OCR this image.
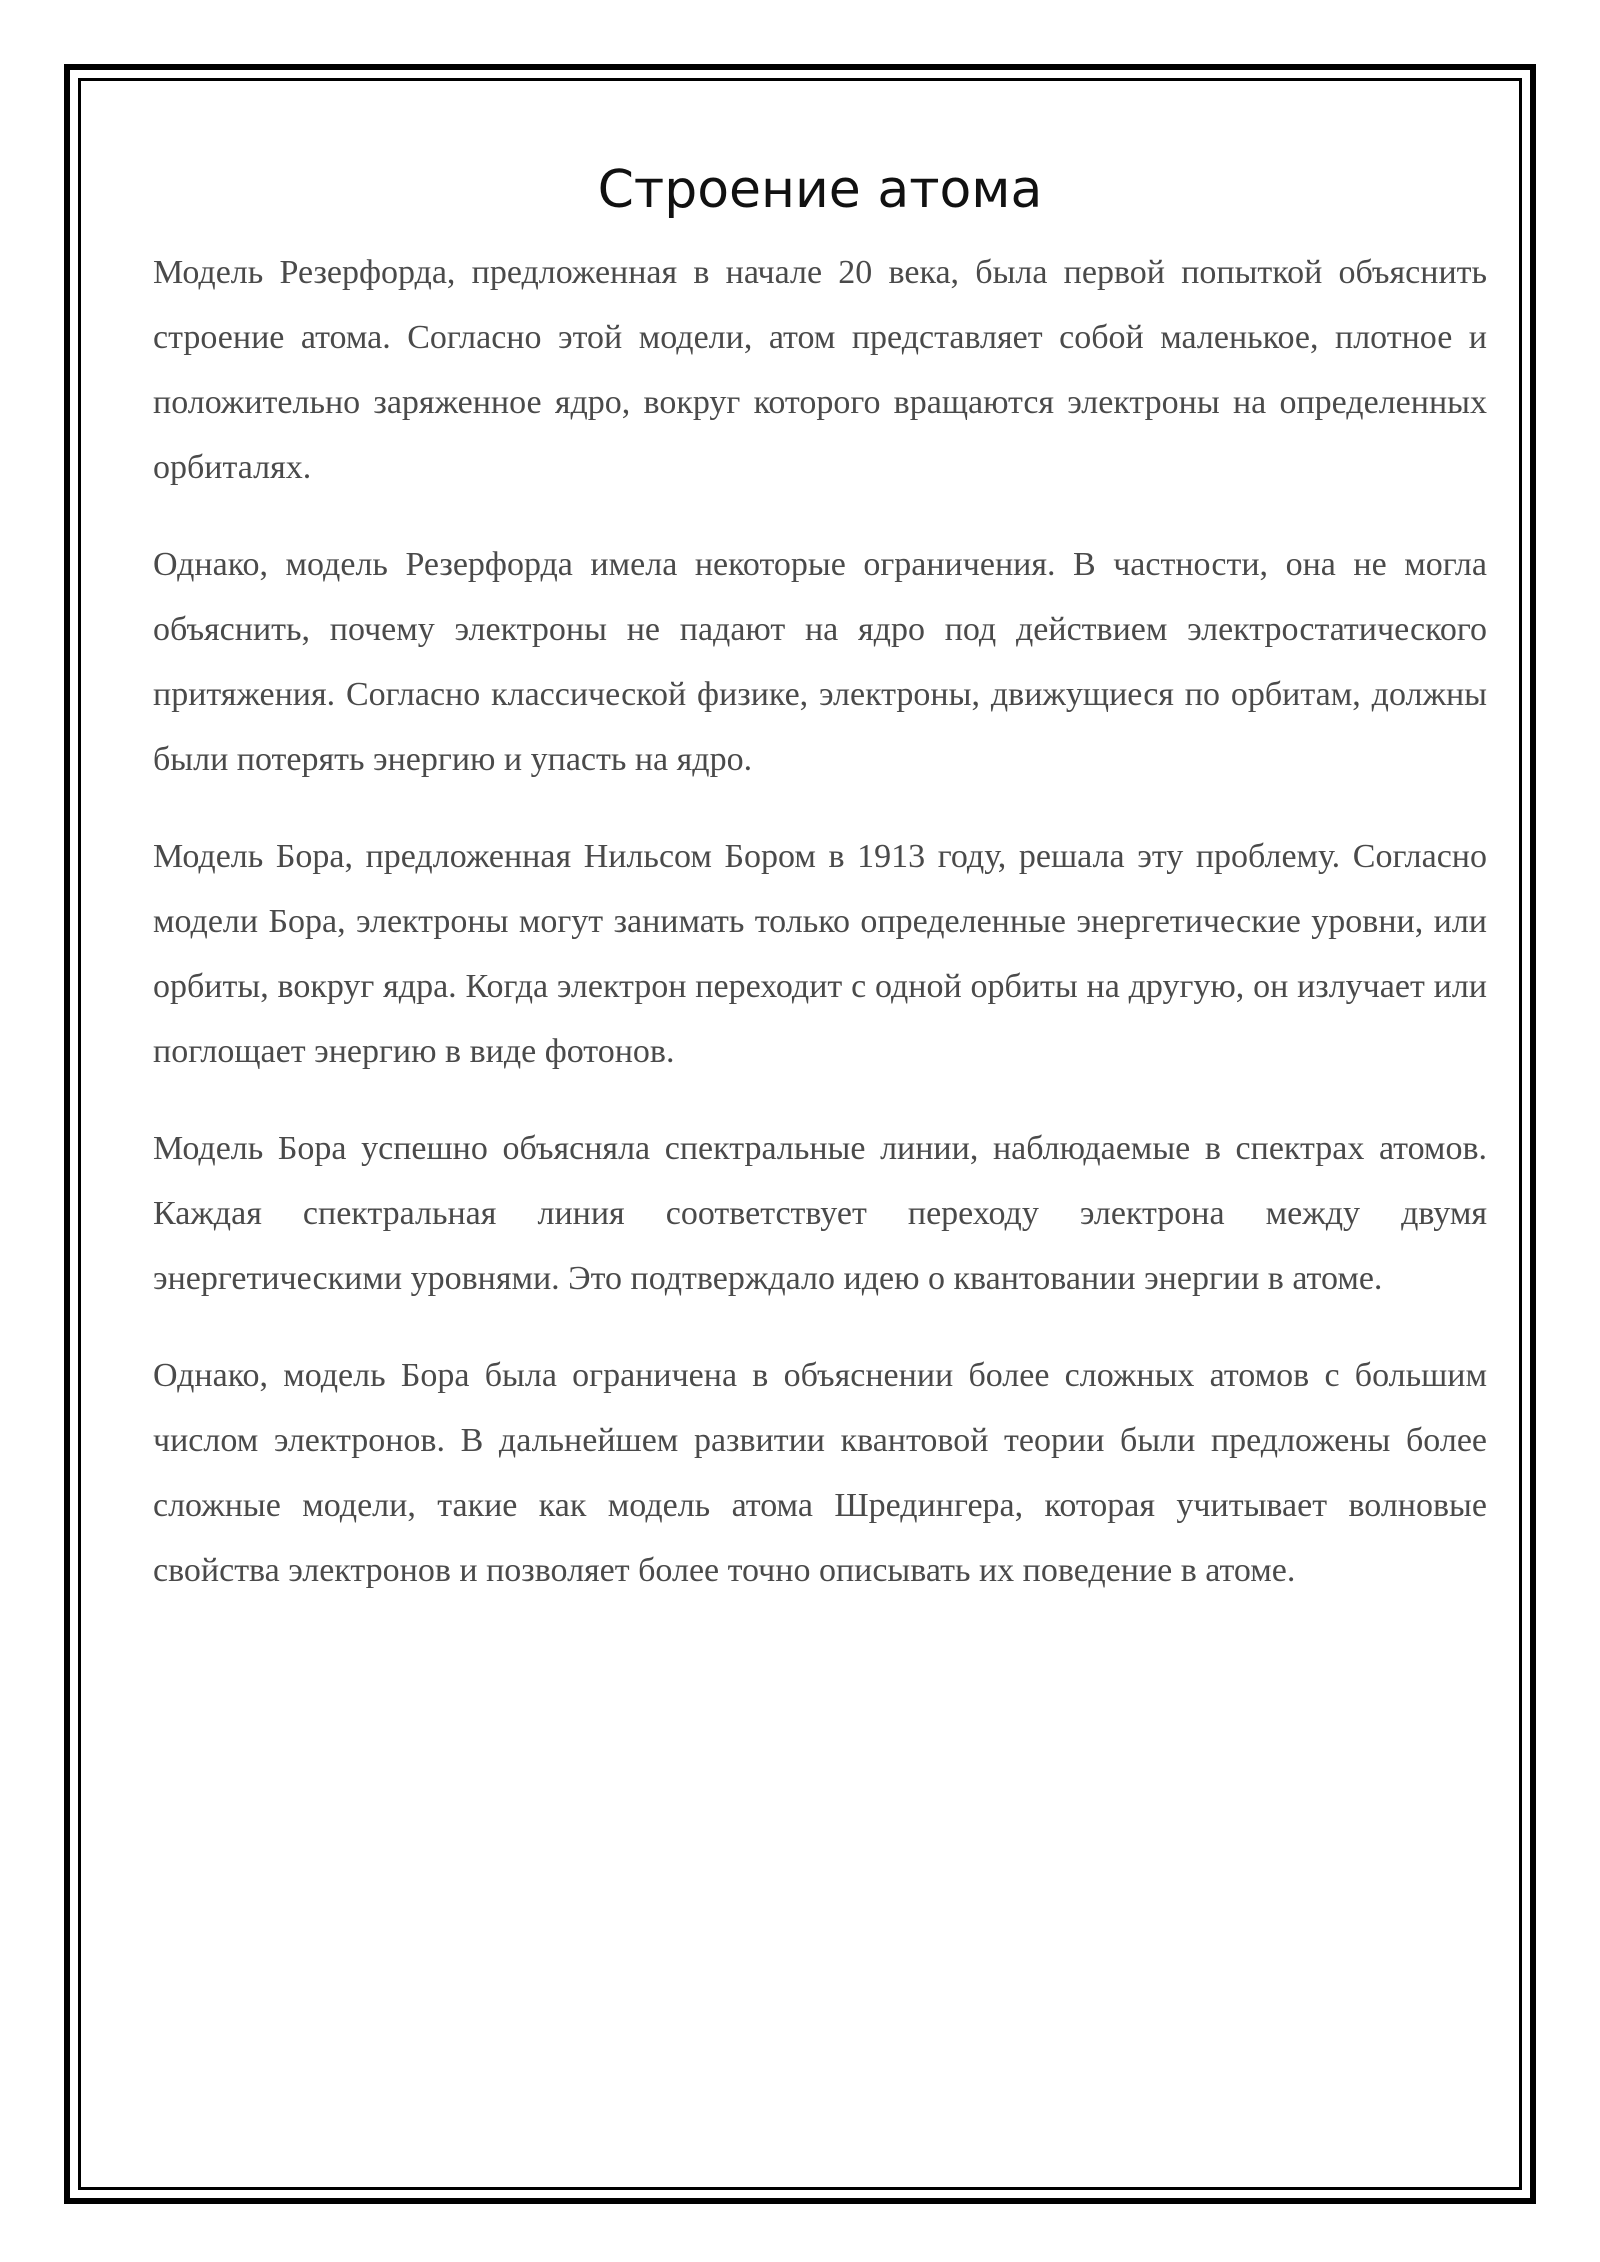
Строение атома

Модель Резерфорда, предложенная в начале 20 века, была первой попыткой объяснить строение атома. Согласно этой модели, атом представляет собой маленькое, плотное и положительно заряженное ядро, вокруг которого вращаются электроны на определенных орбиталях.

Однако, модель Резерфорда имела некоторые ограничения. В частности, она не могла объяснить, почему электроны не падают на ядро под действием электростатического притяжения. Согласно классической физике, электроны, движущиеся по орбитам, должны были потерять энергию и упасть на ядро.

Модель Бора, предложенная Нильсом Бором в 1913 году, решала эту проблему. Согласно модели Бора, электроны могут занимать только определенные энергетические уровни, или орбиты, вокруг ядра. Когда электрон переходит с одной орбиты на другую, он излучает или поглощает энергию в виде фотонов.

Модель Бора успешно объясняла спектральные линии, наблюдаемые в спектрах атомов. Каждая спектральная линия соответствует переходу электрона между двумя энергетическими уровнями. Это подтверждало идею о квантовании энергии в атоме.

Однако, модель Бора была ограничена в объяснении более сложных атомов с большим числом электронов. В дальнейшем развитии квантовой теории были предложены более сложные модели, такие как модель атома Шредингера, которая учитывает волновые свойства электронов и позволяет более точно описывать их поведение в атоме.
